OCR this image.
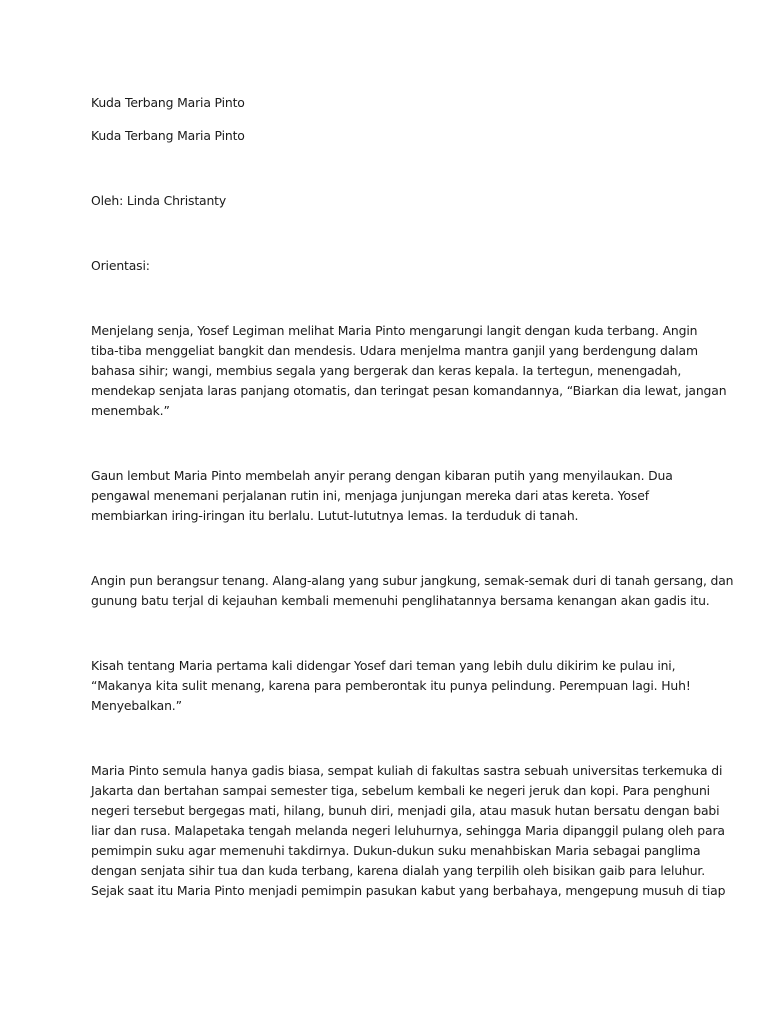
Kuda Terbang Maria Pinto

Kuda Terbang Maria Pinto

Oleh: Linda Christanty

Orientasi:

Menjelang senja, Yosef Legiman melihat Maria Pinto mengarungi langit dengan kuda terbang. Angin

tiba-tiba menggeliat bangkit dan mendesis. Udara menjelma mantra ganjil yang berdengung dalam

bahasa sihir; wangi, membius segala yang bergerak dan keras kepala. Ia tertegun, menengadah,

mendekap senjata laras panjang otomatis, dan teringat pesan komandannya, “Biarkan dia lewat, jangan

menembak.”

Gaun lembut Maria Pinto membelah anyir perang dengan kibaran putih yang menyilaukan. Dua

pengawal menemani perjalanan rutin ini, menjaga junjungan mereka dari atas kereta. Yosef

membiarkan iring-iringan itu berlalu. Lutut-lututnya lemas. Ia terduduk di tanah.

Angin pun berangsur tenang. Alang-alang yang subur jangkung, semak-semak duri di tanah gersang, dan

gunung batu terjal di kejauhan kembali memenuhi penglihatannya bersama kenangan akan gadis itu.

Kisah tentang Maria pertama kali didengar Yosef dari teman yang lebih dulu dikirim ke pulau ini,

“Makanya kita sulit menang, karena para pemberontak itu punya pelindung. Perempuan lagi. Huh!

Menyebalkan.”

Maria Pinto semula hanya gadis biasa, sempat kuliah di fakultas sastra sebuah universitas terkemuka di

Jakarta dan bertahan sampai semester tiga, sebelum kembali ke negeri jeruk dan kopi. Para penghuni

negeri tersebut bergegas mati, hilang, bunuh diri, menjadi gila, atau masuk hutan bersatu dengan babi

liar dan rusa. Malapetaka tengah melanda negeri leluhurnya, sehingga Maria dipanggil pulang oleh para

pemimpin suku agar memenuhi takdirnya. Dukun-dukun suku menahbiskan Maria sebagai panglima

dengan senjata sihir tua dan kuda terbang, karena dialah yang terpilih oleh bisikan gaib para leluhur.

Sejak saat itu Maria Pinto menjadi pemimpin pasukan kabut yang berbahaya, mengepung musuh di tiap
